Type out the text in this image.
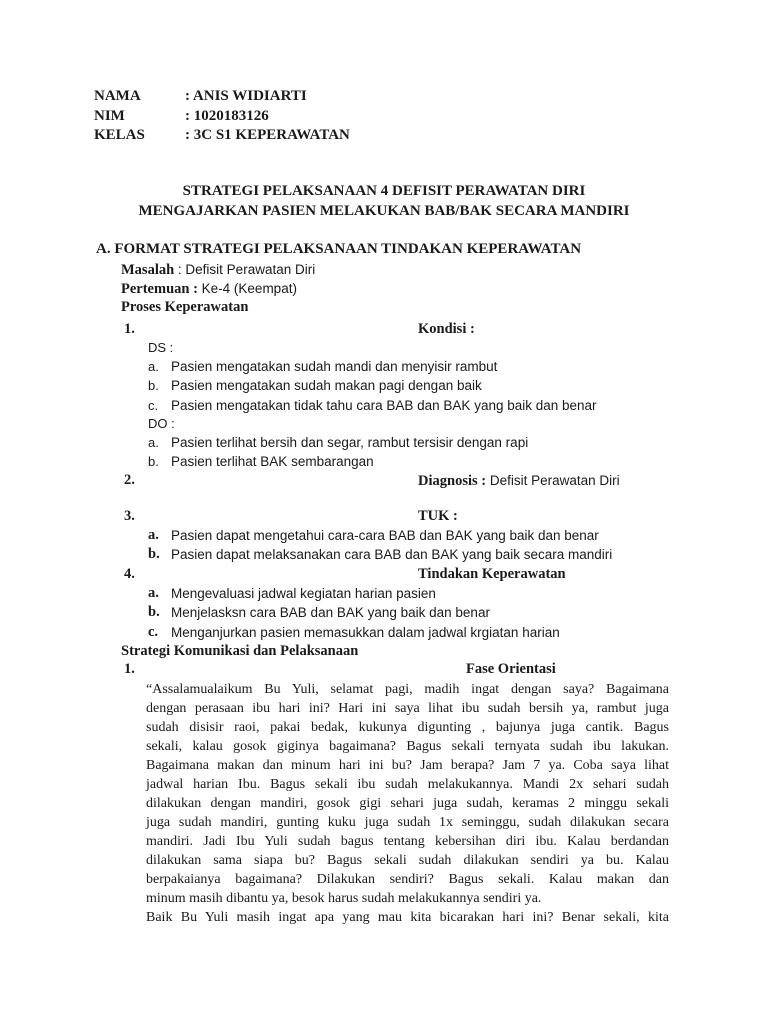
NAMA	: ANIS WIDIARTI
NIM	: 1020183126
KELAS	: 3C S1 KEPERAWATAN
STRATEGI PELAKSANAAN 4 DEFISIT PERAWATAN DIRI
MENGAJARKAN PASIEN MELAKUKAN BAB/BAK SECARA MANDIRI
A. FORMAT STRATEGI PELAKSANAAN TINDAKAN KEPERAWATAN
Masalah : Defisit Perawatan Diri
Pertemuan : Ke-4 (Keempat)
Proses Keperawatan
1.	Kondisi :
DS :
a. Pasien mengatakan sudah mandi dan menyisir rambut
b. Pasien mengatakan sudah makan pagi dengan baik
c. Pasien mengatakan tidak tahu cara BAB dan BAK yang baik dan benar
DO :
a. Pasien terlihat bersih dan segar, rambut tersisir dengan rapi
b. Pasien terlihat BAK sembarangan
2.	Diagnosis : Defisit Perawatan Diri
3.	TUK :
a. Pasien dapat mengetahui cara-cara BAB dan BAK yang baik dan benar
b. Pasien dapat melaksanakan cara BAB dan BAK yang baik secara mandiri
4.	Tindakan Keperawatan
a. Mengevaluasi jadwal kegiatan harian pasien
b. Menjelasksn cara BAB dan BAK yang baik dan benar
c. Menganjurkan pasien memasukkan dalam jadwal krgiatan harian
Strategi Komunikasi dan Pelaksanaan
1.	Fase Orientasi
“Assalamualaikum Bu Yuli, selamat pagi, madih ingat dengan saya? Bagaimana
dengan perasaan ibu hari ini? Hari ini saya lihat ibu sudah bersih ya, rambut juga
sudah disisir raoi, pakai bedak, kukunya digunting , bajunya juga cantik. Bagus
sekali, kalau gosok giginya bagaimana? Bagus sekali ternyata sudah ibu lakukan.
Bagaimana makan dan minum hari ini bu? Jam berapa? Jam 7 ya. Coba saya lihat
jadwal harian Ibu. Bagus sekali ibu sudah melakukannya. Mandi 2x sehari sudah
dilakukan dengan mandiri, gosok gigi sehari juga sudah, keramas 2 minggu sekali
juga sudah mandiri, gunting kuku juga sudah 1x seminggu, sudah dilakukan secara
mandiri. Jadi Ibu Yuli sudah bagus tentang kebersihan diri ibu. Kalau berdandan
dilakukan sama siapa bu? Bagus sekali sudah dilakukan sendiri ya bu. Kalau
berpakaianya bagaimana? Dilakukan sendiri? Bagus sekali. Kalau makan dan
minum masih dibantu ya, besok harus sudah melakukannya sendiri ya.
Baik Bu Yuli masih ingat apa yang mau kita bicarakan hari ini? Benar sekali, kita
